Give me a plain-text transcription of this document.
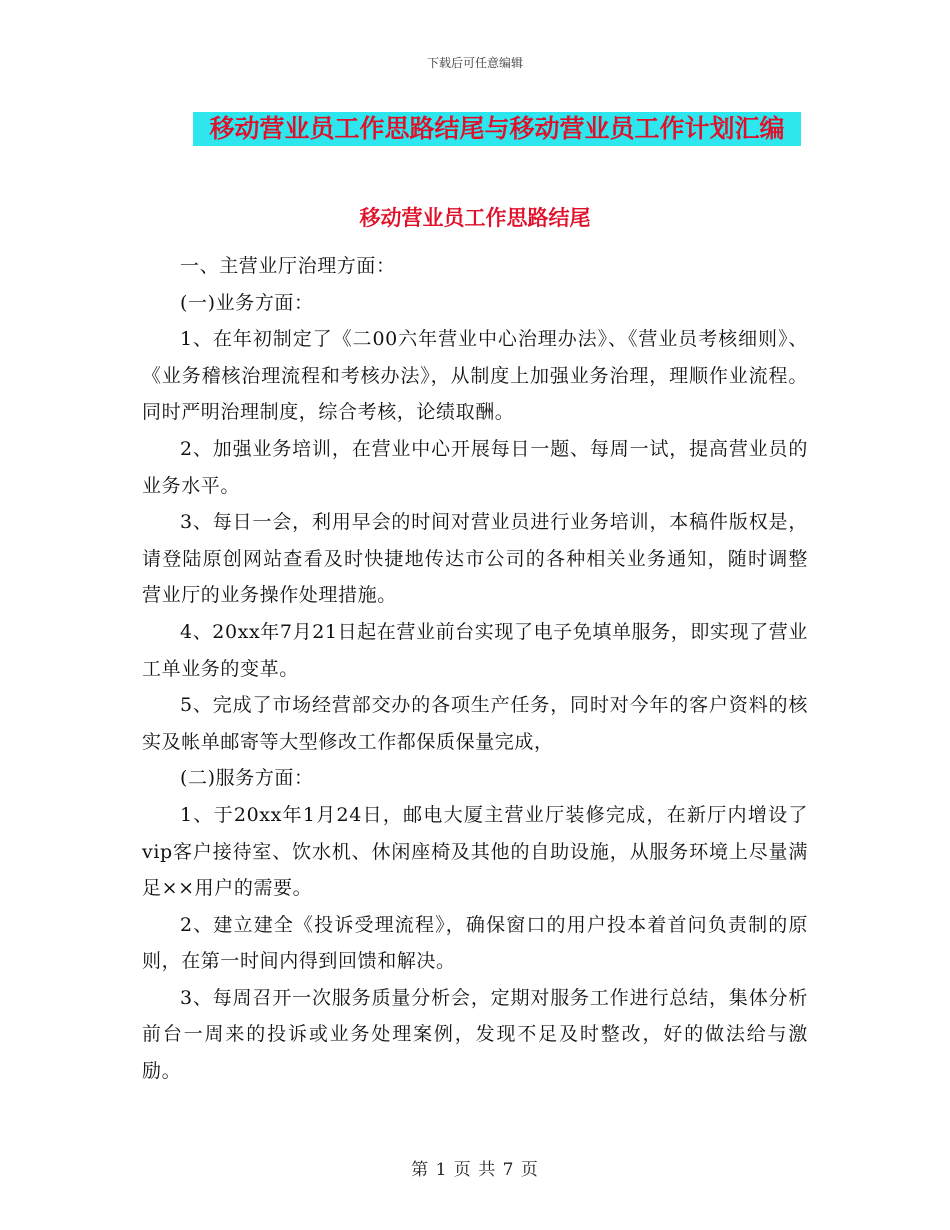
下载后可任意编辑
移动营业员工作思路结尾与移动营业员工作计划汇编
移动营业员工作思路结尾

一、主营业厅治理方面：

(一)业务方面：

1、在年初制定了《二00六年营业中心治理办法》、《营业员考核细则》、《业务稽核治理流程和考核办法》，从制度上加强业务治理，理顺作业流程。同时严明治理制度，综合考核，论绩取酬。

2、加强业务培训，在营业中心开展每日一题、每周一试，提高营业员的业务水平。

3、每日一会，利用早会的时间对营业员进行业务培训，本稿件版权是，请登陆原创网站查看及时快捷地传达市公司的各种相关业务通知，随时调整营业厅的业务操作处理措施。

4、20xx年7月21日起在营业前台实现了电子免填单服务，即实现了营业工单业务的变革。

5、完成了市场经营部交办的各项生产任务，同时对今年的客户资料的核实及帐单邮寄等大型修改工作都保质保量完成，

(二)服务方面：

1、于20xx年1月24日，邮电大厦主营业厅装修完成，在新厅内增设了vip客户接待室、饮水机、休闲座椅及其他的自助设施，从服务环境上尽量满足××用户的需要。

2、建立建全《投诉受理流程》，确保窗口的用户投本着首问负责制的原则，在第一时间内得到回馈和解决。

3、每周召开一次服务质量分析会，定期对服务工作进行总结，集体分析前台一周来的投诉或业务处理案例，发现不足及时整改，好的做法给与激励。

第 1 页 共 7 页
